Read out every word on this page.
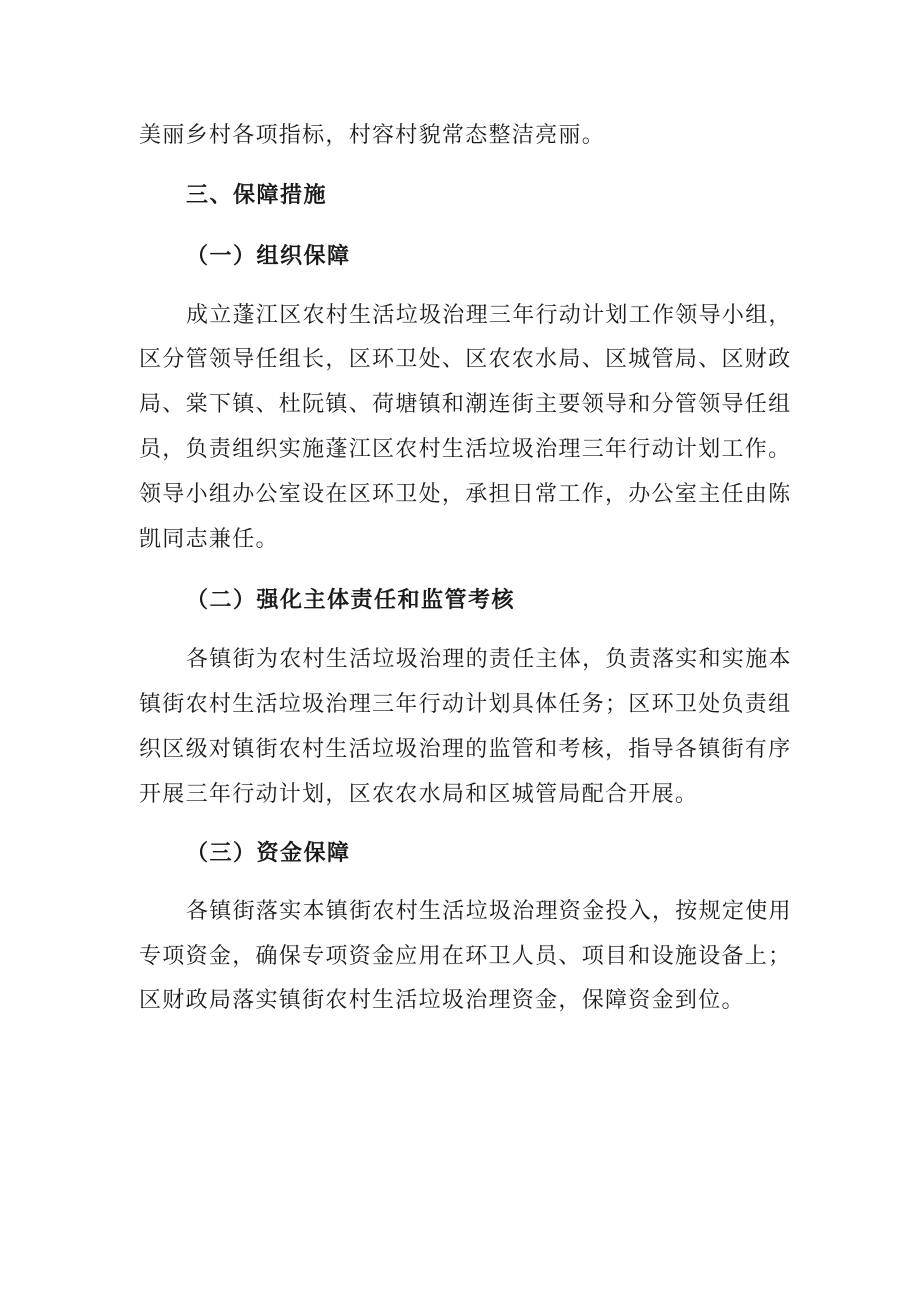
美丽乡村各项指标，村容村貌常态整洁亮丽。
三、保障措施
（一）组织保障
成立蓬江区农村生活垃圾治理三年行动计划工作领导小组，
区分管领导任组长，区环卫处、区农农水局、区城管局、区财政
局、棠下镇、杜阮镇、荷塘镇和潮连街主要领导和分管领导任组
员，负责组织实施蓬江区农村生活垃圾治理三年行动计划工作。
领导小组办公室设在区环卫处，承担日常工作，办公室主任由陈
凯同志兼任。
（二）强化主体责任和监管考核
各镇街为农村生活垃圾治理的责任主体，负责落实和实施本
镇街农村生活垃圾治理三年行动计划具体任务；区环卫处负责组
织区级对镇街农村生活垃圾治理的监管和考核，指导各镇街有序
开展三年行动计划，区农农水局和区城管局配合开展。
（三）资金保障
各镇街落实本镇街农村生活垃圾治理资金投入，按规定使用
专项资金，确保专项资金应用在环卫人员、项目和设施设备上；
区财政局落实镇街农村生活垃圾治理资金，保障资金到位。
